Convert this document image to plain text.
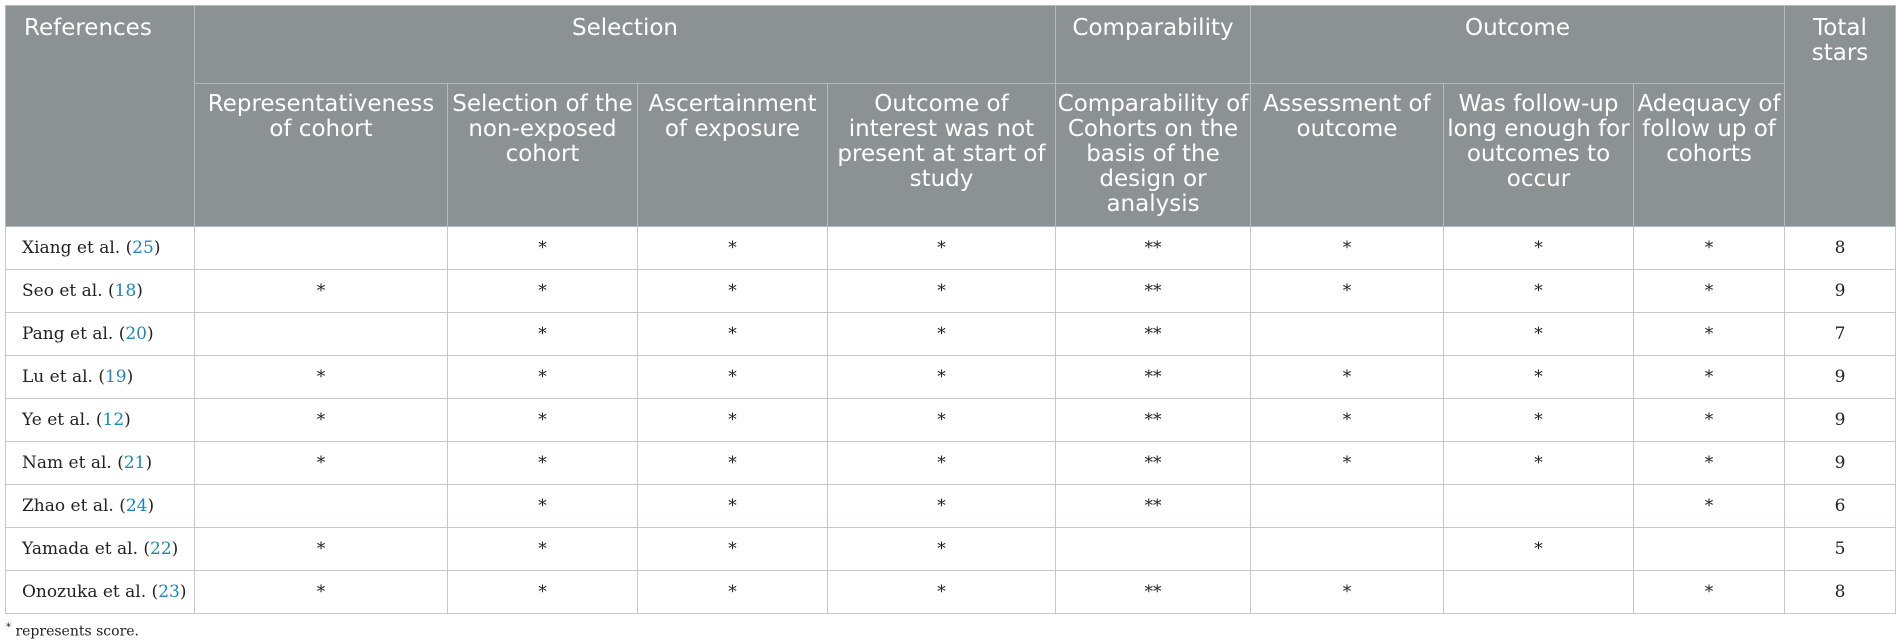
References	Selection				Comparability	Outcome			Total stars
	Representativeness of cohort	Selection of the non-exposed cohort	Ascertainment of exposure	Outcome of interest was not present at start of study	Comparability of Cohorts on the basis of the design or analysis	Assessment of outcome	Was follow-up long enough for outcomes to occur	Adequacy of follow up of cohorts	
Xiang et al. (25)		*	*	*	**	*	*	*	8
Seo et al. (18)	*	*	*	*	**	*	*	*	9
Pang et al. (20)		*	*	*	**		*	*	7
Lu et al. (19)	*	*	*	*	**	*	*	*	9
Ye et al. (12)	*	*	*	*	**	*	*	*	9
Nam et al. (21)	*	*	*	*	**	*	*	*	9
Zhao et al. (24)		*	*	*	**			*	6
Yamada et al. (22)	*	*	*	*			*		5
Onozuka et al. (23)	*	*	*	*	**	*		*	8
* represents score.
